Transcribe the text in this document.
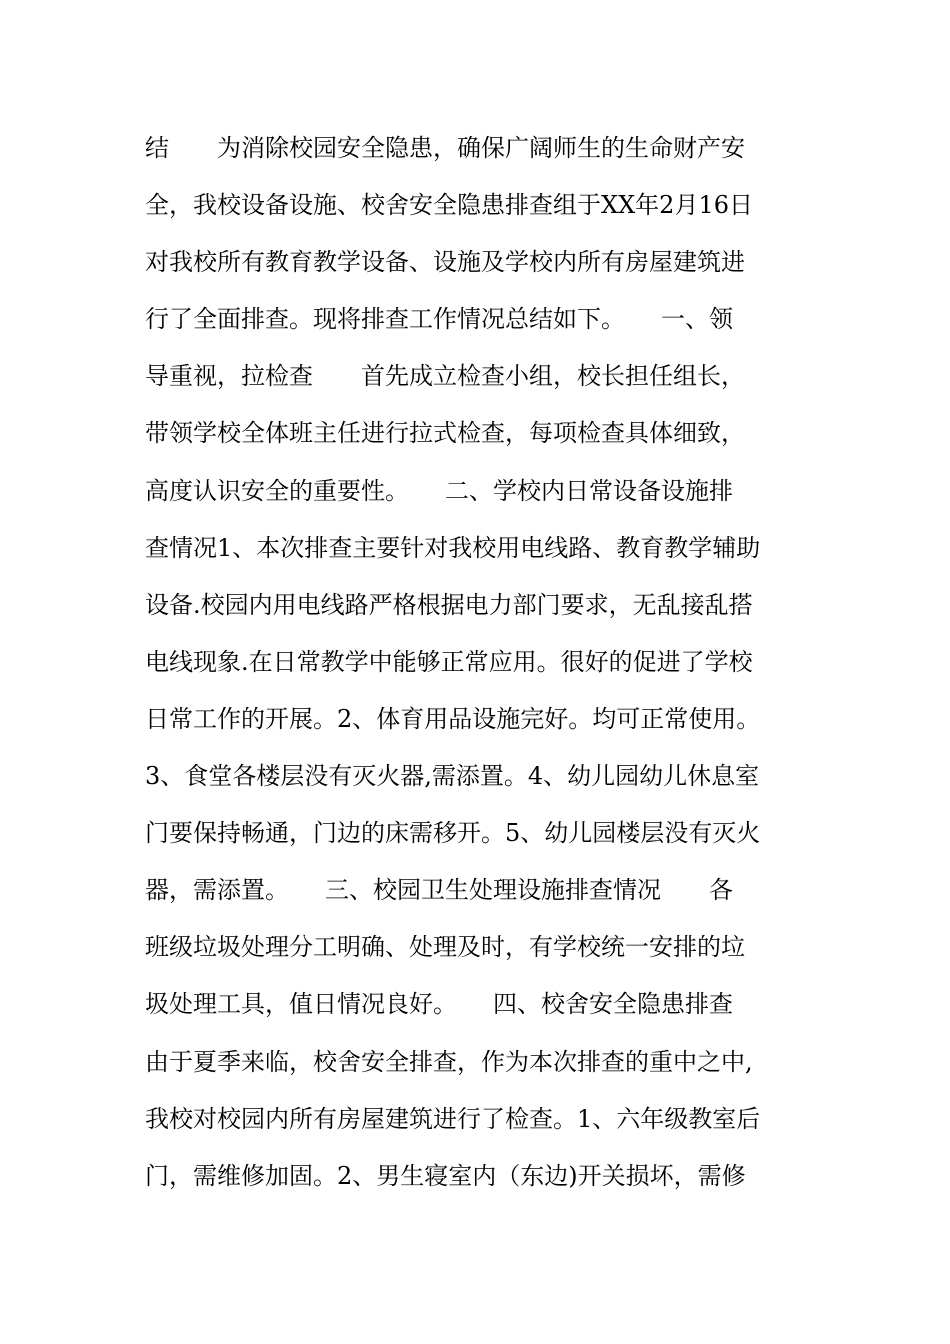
结　　为消除校园安全隐患，确保广阔师生的生命财产安
全，我校设备设施、校舍安全隐患排查组于XX年2月16日
对我校所有教育教学设备、设施及学校内所有房屋建筑进
行了全面排查。现将排查工作情况总结如下。　　一、领
导重视，拉检查　　首先成立检查小组，校长担任组长，
带领学校全体班主任进行拉式检查，每项检查具体细致，
高度认识安全的重要性。　　二、学校内日常设备设施排
查情况1、本次排查主要针对我校用电线路、教育教学辅助
设备.校园内用电线路严格根据电力部门要求，无乱接乱搭
电线现象.在日常教学中能够正常应用。很好的促进了学校
日常工作的开展。2、体育用品设施完好。均可正常使用。
3、食堂各楼层没有灭火器,需添置。4、幼儿园幼儿休息室
门要保持畅通，门边的床需移开。5、幼儿园楼层没有灭火
器，需添置。　　三、校园卫生处理设施排查情况　　各
班级垃圾处理分工明确、处理及时，有学校统一安排的垃
圾处理工具，值日情况良好。　　四、校舍安全隐患排查
由于夏季来临，校舍安全排查，作为本次排查的重中之中,
我校对校园内所有房屋建筑进行了检查。1、六年级教室后
门，需维修加固。2、男生寝室内（东边)开关损坏，需修
